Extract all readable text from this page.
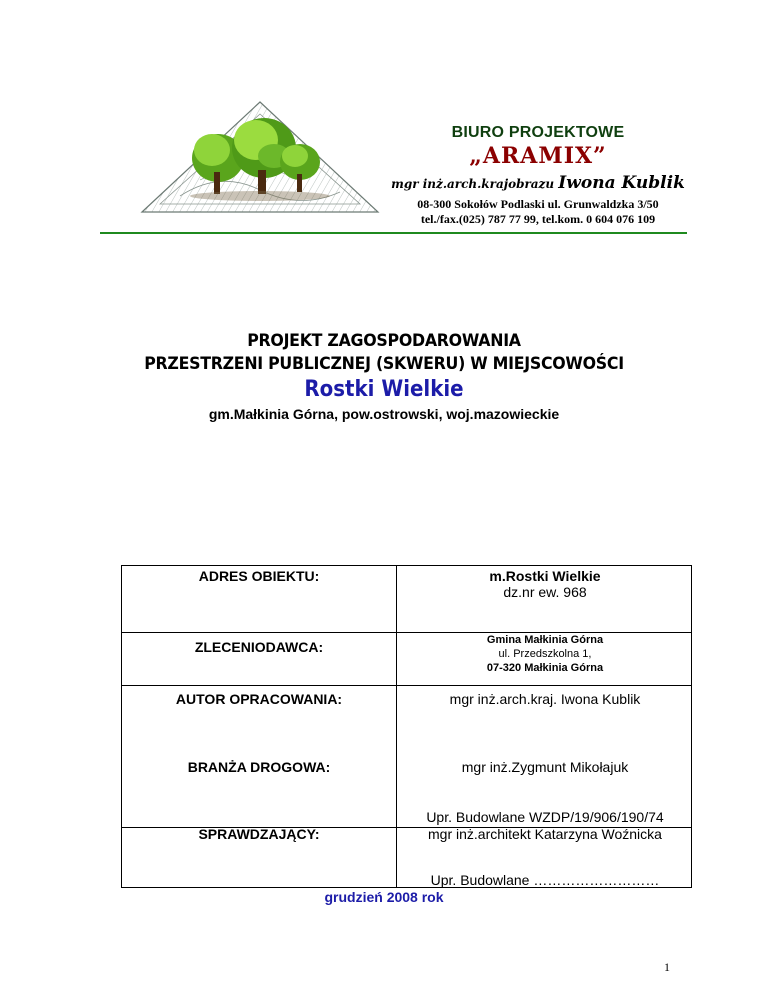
BIURO PROJEKTOWE
„ARAMIX”
mgr inż.arch.krajobrazu Iwona Kublik
08-300 Sokołów Podlaski ul. Grunwaldzka 3/50
tel./fax.(025) 787 77 99, tel.kom. 0 604 076 109
PROJEKT ZAGOSPODAROWANIA
PRZESTRZENI PUBLICZNEJ (SKWERU) W MIEJSCOWOŚCI
Rostki Wielkie
gm.Małkinia Górna, pow.ostrowski, woj.mazowieckie
ADRES OBIEKTU:	m.Rostki Wielkie
dz.nr ew. 968
ZLECENIODAWCA:	Gmina Małkinia Górna
ul. Przedszkolna 1,
07-320 Małkinia Górna
AUTOR OPRACOWANIA:	mgr inż.arch.kraj. Iwona Kublik
BRANŻA DROGOWA:	mgr inż.Zygmunt Mikołajuk
Upr. Budowlane WZDP/19/906/190/74
SPRAWDZAJĄCY:	mgr inż.architekt Katarzyna Woźnicka
Upr. Budowlane ………………………
grudzień 2008 rok
1
